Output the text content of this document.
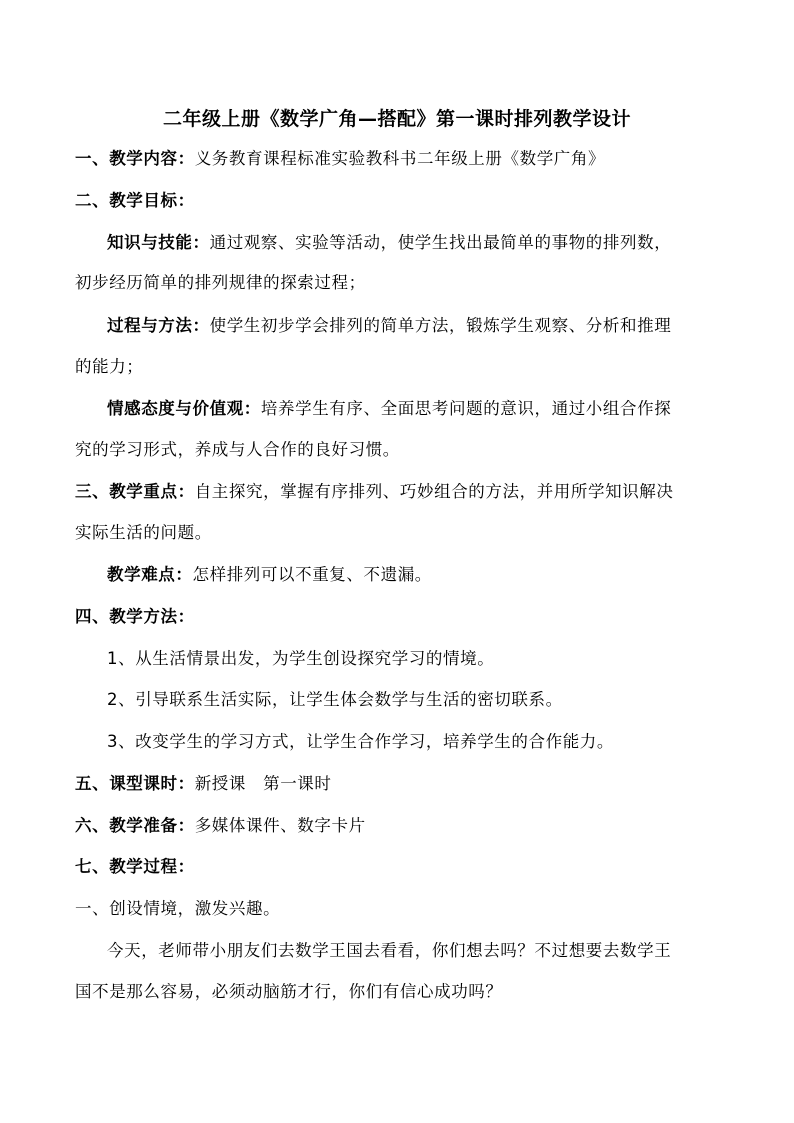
二年级上册《数学广角—搭配》第一课时排列教学设计
一、教学内容：义务教育课程标准实验教科书二年级上册《数学广角》
二、教学目标：
知识与技能：通过观察、实验等活动，使学生找出最简单的事物的排列数，
初步经历简单的排列规律的探索过程；
过程与方法：使学生初步学会排列的简单方法，锻炼学生观察、分析和推理
的能力；
情感态度与价值观：培养学生有序、全面思考问题的意识，通过小组合作探
究的学习形式，养成与人合作的良好习惯。
三、教学重点：自主探究，掌握有序排列、巧妙组合的方法，并用所学知识解决
实际生活的问题。
教学难点：怎样排列可以不重复、不遗漏。
四、教学方法：
1、从生活情景出发，为学生创设探究学习的情境。
2、引导联系生活实际，让学生体会数学与生活的密切联系。
3、改变学生的学习方式，让学生合作学习，培养学生的合作能力。
五、课型课时：新授课　第一课时
六、教学准备：多媒体课件、数字卡片
七、教学过程：
一、创设情境，激发兴趣。
今天，老师带小朋友们去数学王国去看看，你们想去吗？不过想要去数学王
国不是那么容易，必须动脑筋才行，你们有信心成功吗？
